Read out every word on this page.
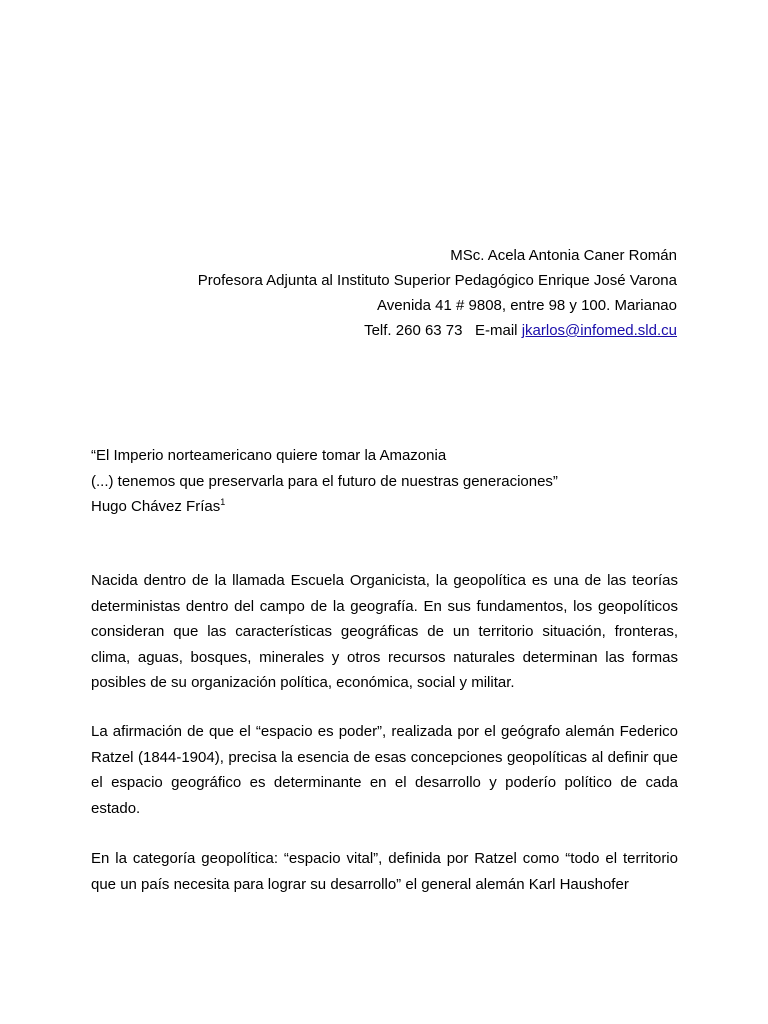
MSc. Acela Antonia Caner Román
Profesora Adjunta al Instituto Superior Pedagógico Enrique José Varona
Avenida 41 # 9808, entre 98 y 100. Marianao
Telf. 260 63 73 E-mail jkarlos@infomed.sld.cu
“El Imperio norteamericano quiere tomar la Amazonia
(...) tenemos que preservarla para el futuro de nuestras generaciones”
Hugo Chávez Frías$^1$

Nacida dentro de la llamada Escuela Organicista, la geopolítica es una de las teorías deterministas dentro del campo de la geografía. En sus fundamentos, los geopolíticos consideran que las características geográficas de un territorio situación, fronteras, clima, aguas, bosques, minerales y otros recursos naturales determinan las formas posibles de su organización política, económica, social y militar.

La afirmación de que el “espacio es poder”, realizada por el geógrafo alemán Federico Ratzel (1844-1904), precisa la esencia de esas concepciones geopolíticas al definir que el espacio geográfico es determinante en el desarrollo y poderío político de cada estado.

En la categoría geopolítica: “espacio vital”, definida por Ratzel como “todo el territorio que un país necesita para lograr su desarrollo” el general alemán Karl Haushofer
